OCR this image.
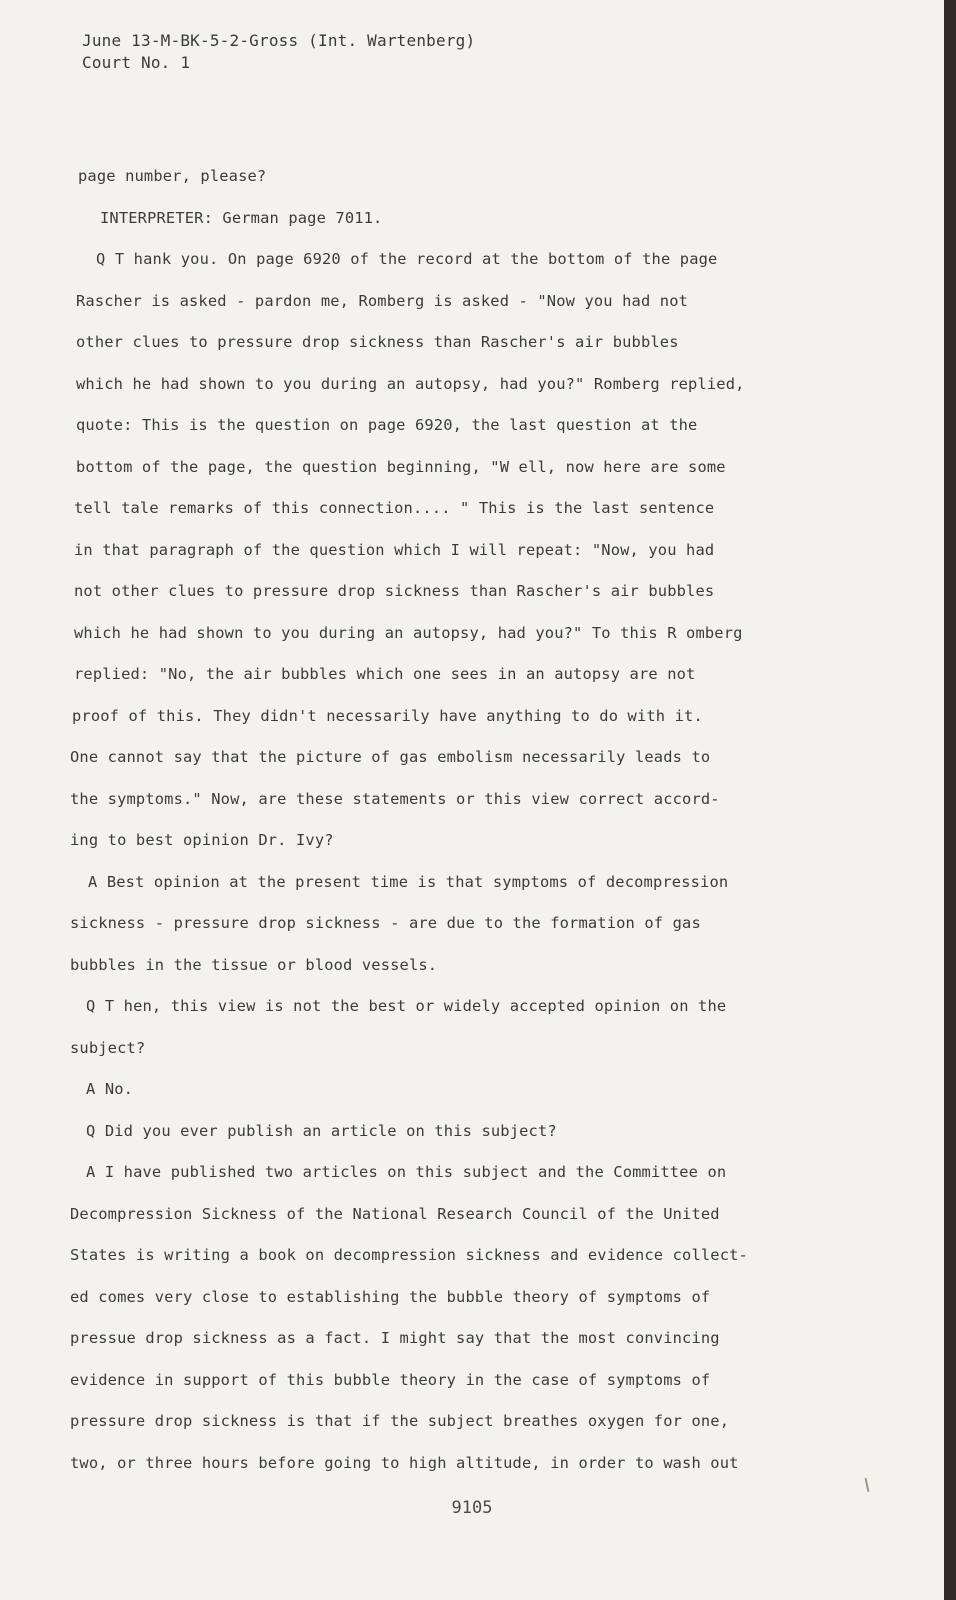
June 13-M-BK-5-2-Gross (Int. Wartenberg)
Court No. 1
page number, please?
INTERPRETER: German page 7011.
Q T hank you. On page 6920 of the record at the bottom of the page
Rascher is asked - pardon me, Romberg is asked - "Now you had not
other clues to pressure drop sickness than Rascher's air bubbles
which he had shown to you during an autopsy, had you?" Romberg replied,
quote: This is the question on page 6920, the last question at the
bottom of the page, the question beginning, "W ell, now here are some
tell tale remarks of this connection.... " This is the last sentence
in that paragraph of the question which I will repeat: "Now, you had
not other clues to pressure drop sickness than Rascher's air bubbles
which he had shown to you during an autopsy, had you?" To this R omberg
replied: "No, the air bubbles which one sees in an autopsy are not
proof of this. They didn't necessarily have anything to do with it.
One cannot say that the picture of gas embolism necessarily leads to
the symptoms." Now, are these statements or this view correct accord-
ing to best opinion Dr. Ivy?
A Best opinion at the present time is that symptoms of decompression
sickness - pressure drop sickness - are due to the formation of gas
bubbles in the tissue or blood vessels.
Q T hen, this view is not the best or widely accepted opinion on the
subject?
A No.
Q Did you ever publish an article on this subject?
A I have published two articles on this subject and the Committee on
Decompression Sickness of the National Research Council of the United
States is writing a book on decompression sickness and evidence collect-
ed comes very close to establishing the bubble theory of symptoms of
pressue drop sickness as a fact. I might say that the most convincing
evidence in support of this bubble theory in the case of symptoms of
pressure drop sickness is that if the subject breathes oxygen for one,
two, or three hours before going to high altitude, in order to wash out
9105
